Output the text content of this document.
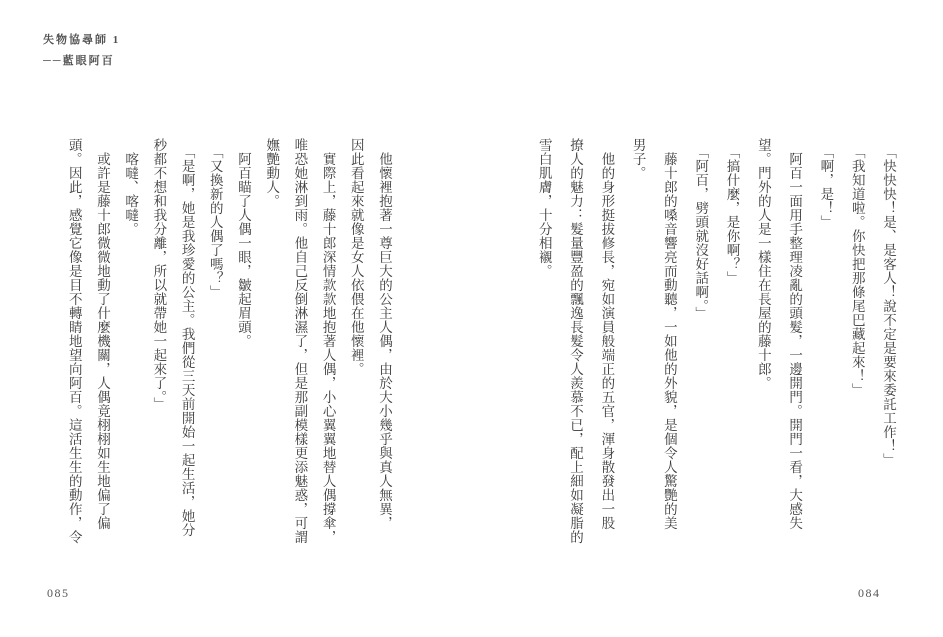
失物協尋師 1
──藍眼阿百
　「快快快！是、是客人！說不定是要來委託工作！」
　「我知道啦。你快把那條尾巴藏起來！」
　「啊，是！」
　阿百一面用手整理凌亂的頭髮，一邊開門。開門一看，大感失
望。門外的人是一樣住在長屋的藤十郎。
　「搞什麼，是你啊？」
　「阿百，劈頭就沒好話啊。」
　藤十郎的嗓音響亮而動聽，一如他的外貌，是個令人驚艷的美
男子。
　他的身形挺拔修長，宛如演員般端正的五官，渾身散發出一股
撩人的魅力：髮量豐盈的飄逸長髮令人羨慕不已，配上細如凝脂的
雪白肌膚，十分相襯。
　他懷裡抱著一尊巨大的公主人偶，由於大小幾乎與真人無異，
因此看起來就像是女人依偎在他懷裡。
　實際上，藤十郎深情款款地抱著人偶，小心翼翼地替人偶撐傘，
唯恐她淋到雨。他自己反倒淋濕了，但是那副模樣更添魅惑，可謂
嫵艷動人。
　阿百瞄了人偶一眼，皺起眉頭。
　「又換新的人偶了嗎？」
　「是啊，她是我珍愛的公主。我們從三天前開始一起生活，她分
秒都不想和我分離，所以就帶她一起來了。」
　喀噠、喀噠。
　或許是藤十郎微微地動了什麼機關，人偶竟栩栩如生地偏了偏
頭。因此，感覺它像是目不轉睛地望向阿百。這活生生的動作，令
085	084
